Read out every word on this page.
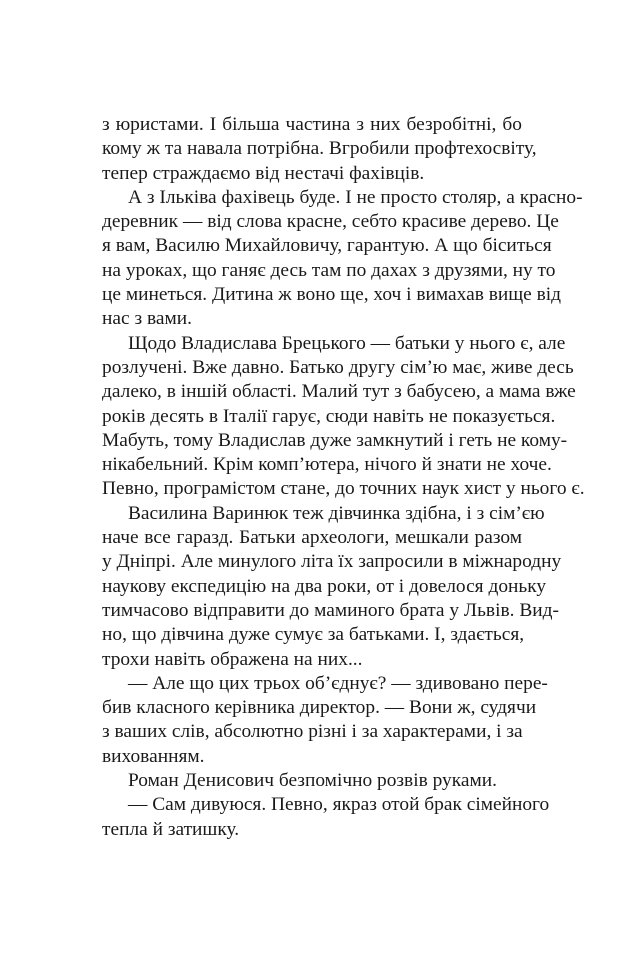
з юристами. І більша частина з них безробітні, бо
кому ж та навала потрібна. Вгробили профтехосвіту,
тепер страждаємо від нестачі фахівців.
А з Ільківа фахівець буде. І не просто столяр, а красно-
деревник — від слова красне, себто красиве дерево. Це
я вам, Василю Михайловичу, гарантую. А що біситься
на уроках, що ганяє десь там по дахах з друзями, ну то
це минеться. Дитина ж воно ще, хоч і вимахав вище від
нас з вами.
Щодо Владислава Брецького — батьки у нього є, але
розлучені. Вже давно. Батько другу сім’ю має, живе десь
далеко, в іншій області. Малий тут з бабусею, а мама вже
років десять в Італії гарує, сюди навіть не показується.
Мабуть, тому Владислав дуже замкнутий і геть не кому-
нікабельний. Крім комп’ютера, нічого й знати не хоче.
Певно, програмістом стане, до точних наук хист у нього є.
Василина Варинюк теж дівчинка здібна, і з сім’єю
наче все гаразд. Батьки археологи, мешкали разом
у Дніпрі. Але минулого літа їх запросили в міжнародну
наукову експедицію на два роки, от і довелося доньку
тимчасово відправити до маминого брата у Львів. Вид-
но, що дівчина дуже сумує за батьками. І, здається,
трохи навіть ображена на них...
— Але що цих трьох об’єднує? — здивовано пере-
бив класного керівника директор. — Вони ж, судячи
з ваших слів, абсолютно різні і за характерами, і за
вихованням.
Роман Денисович безпомічно розвів руками.
— Сам дивуюся. Певно, якраз отой брак сімейного
тепла й затишку.
